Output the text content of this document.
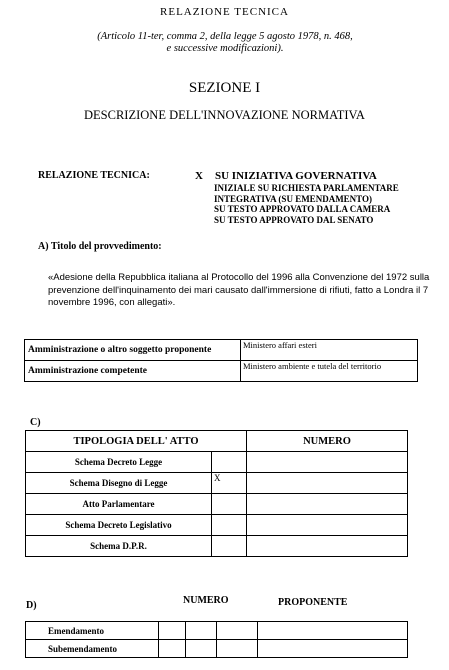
RELAZIONE TECNICA
(Articolo 11-ter, comma 2, della legge 5 agosto 1978, n. 468,
e successive modificazioni).
SEZIONE I
DESCRIZIONE DELL'INNOVAZIONE NORMATIVA
RELAZIONE TECNICA:	X SU INIZIATIVA GOVERNATIVA
INIZIALE SU RICHIESTA PARLAMENTARE
INTEGRATIVA (SU EMENDAMENTO)
SU TESTO APPROVATO DALLA CAMERA
SU TESTO APPROVATO DAL SENATO
A) Titolo del provvedimento:
«Adesione della Repubblica italiana al Protocollo del 1996 alla Convenzione del 1972 sulla prevenzione dell'inquinamento dei mari causato dall'immersione di rifiuti, fatto a Londra il 7 novembre 1996, con allegati».
Amministrazione o altro soggetto proponente	Ministero affari esteri
Amministrazione competente	Ministero ambiente e tutela del territorio
C)
TIPOLOGIA DELL' ATTO		NUMERO
Schema Decreto Legge		
Schema Disegno di Legge	X	
Atto Parlamentare		
Schema Decreto Legislativo		
Schema D.P.R.		
D)	NUMERO	PROPONENTE
Emendamento				
Subemendamento				
